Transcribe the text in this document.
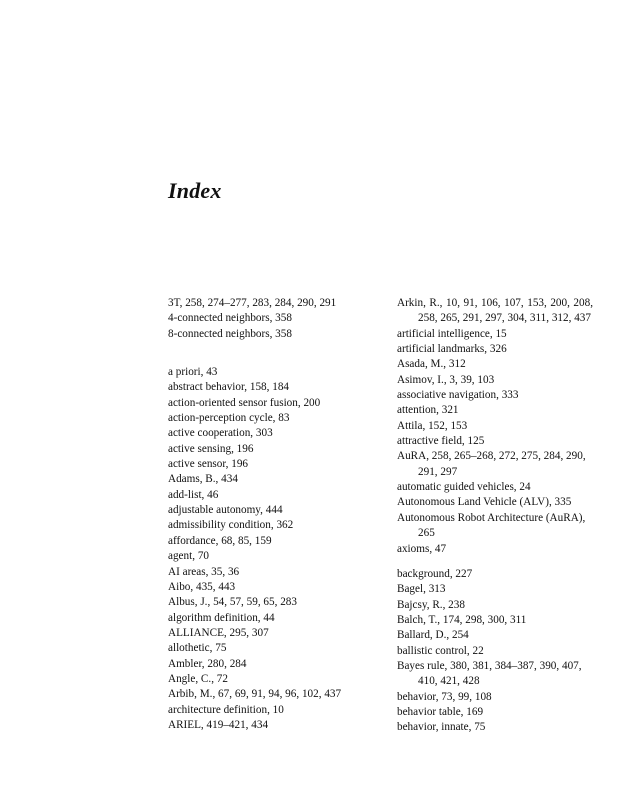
Index
3T, 258, 274–277, 283, 284, 290, 291
4-connected neighbors, 358
8-connected neighbors, 358
a priori, 43
abstract behavior, 158, 184
action-oriented sensor fusion, 200
action-perception cycle, 83
active cooperation, 303
active sensing, 196
active sensor, 196
Adams, B., 434
add-list, 46
adjustable autonomy, 444
admissibility condition, 362
affordance, 68, 85, 159
agent, 70
AI areas, 35, 36
Aibo, 435, 443
Albus, J., 54, 57, 59, 65, 283
algorithm definition, 44
ALLIANCE, 295, 307
allothetic, 75
Ambler, 280, 284
Angle, C., 72
Arbib, M., 67, 69, 91, 94, 96, 102, 437
architecture definition, 10
ARIEL, 419–421, 434
Arkin, R., 10, 91, 106, 107, 153, 200, 208, 258, 265, 291, 297, 304, 311, 312, 437
artificial intelligence, 15
artificial landmarks, 326
Asada, M., 312
Asimov, I., 3, 39, 103
associative navigation, 333
attention, 321
Attila, 152, 153
attractive field, 125
AuRA, 258, 265–268, 272, 275, 284, 290, 291, 297
automatic guided vehicles, 24
Autonomous Land Vehicle (ALV), 335
Autonomous Robot Architecture (AuRA), 265
axioms, 47
background, 227
Bagel, 313
Bajcsy, R., 238
Balch, T., 174, 298, 300, 311
Ballard, D., 254
ballistic control, 22
Bayes rule, 380, 381, 384–387, 390, 407, 410, 421, 428
behavior, 73, 99, 108
behavior table, 169
behavior, innate, 75
